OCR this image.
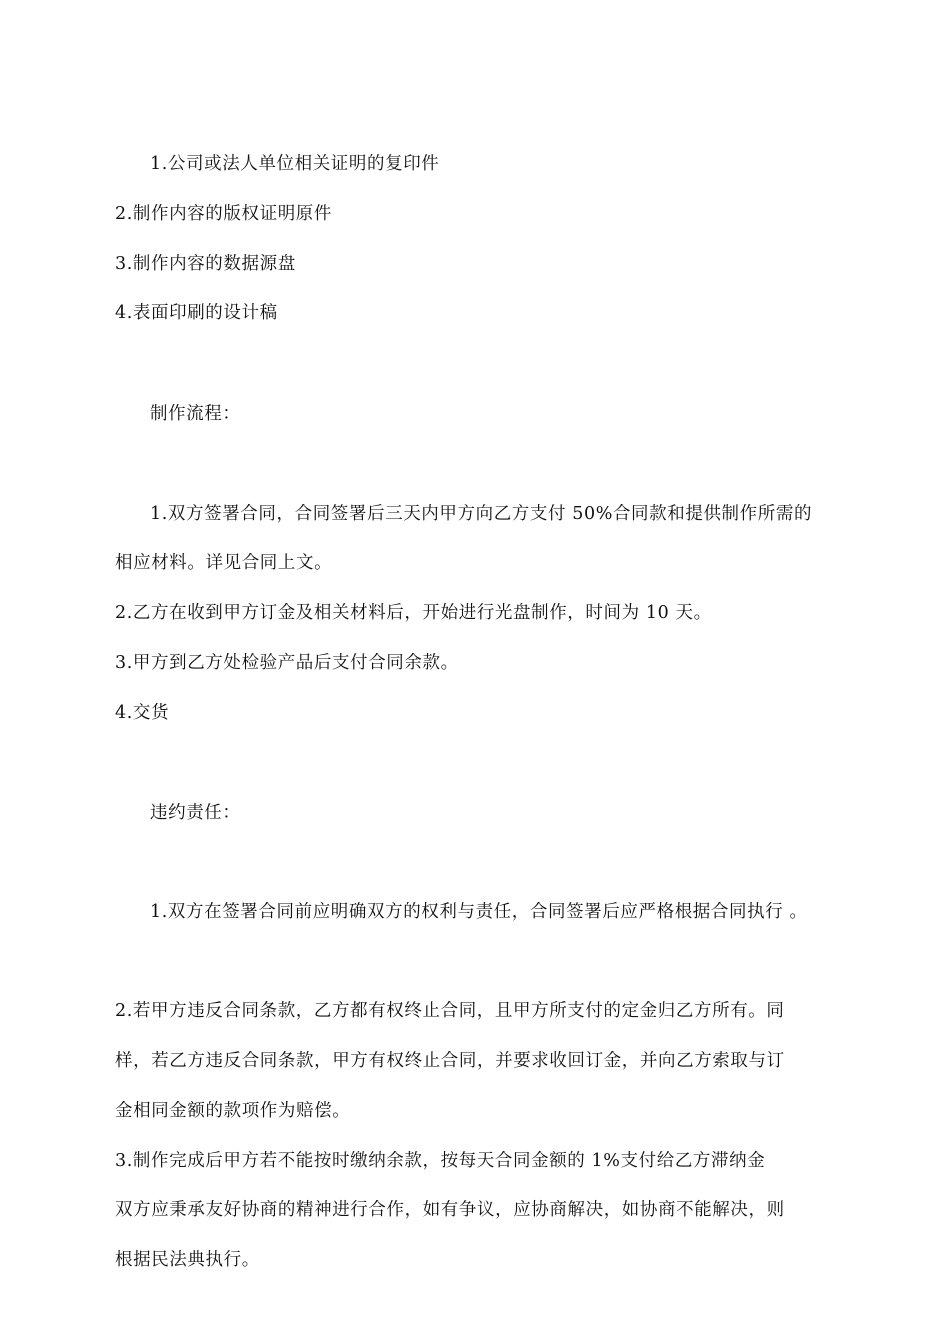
1.公司或法人单位相关证明的复印件
2.制作内容的版权证明原件
3.制作内容的数据源盘
4.表面印刷的设计稿
制作流程：
1.双方签署合同，合同签署后三天内甲方向乙方支付 50%合同款和提供制作所需的
相应材料。详见合同上文。
2.乙方在收到甲方订金及相关材料后，开始进行光盘制作，时间为 10 天。
3.甲方到乙方处检验产品后支付合同余款。
4.交货
违约责任：
1.双方在签署合同前应明确双方的权利与责任，合同签署后应严格根据合同执行 。
2.若甲方违反合同条款，乙方都有权终止合同，且甲方所支付的定金归乙方所有。同
样，若乙方违反合同条款，甲方有权终止合同，并要求收回订金，并向乙方索取与订
金相同金额的款项作为赔偿。
3.制作完成后甲方若不能按时缴纳余款，按每天合同金额的 1%支付给乙方滞纳金
双方应秉承友好协商的精神进行合作，如有争议，应协商解决，如协商不能解决，则
根据民法典执行。
